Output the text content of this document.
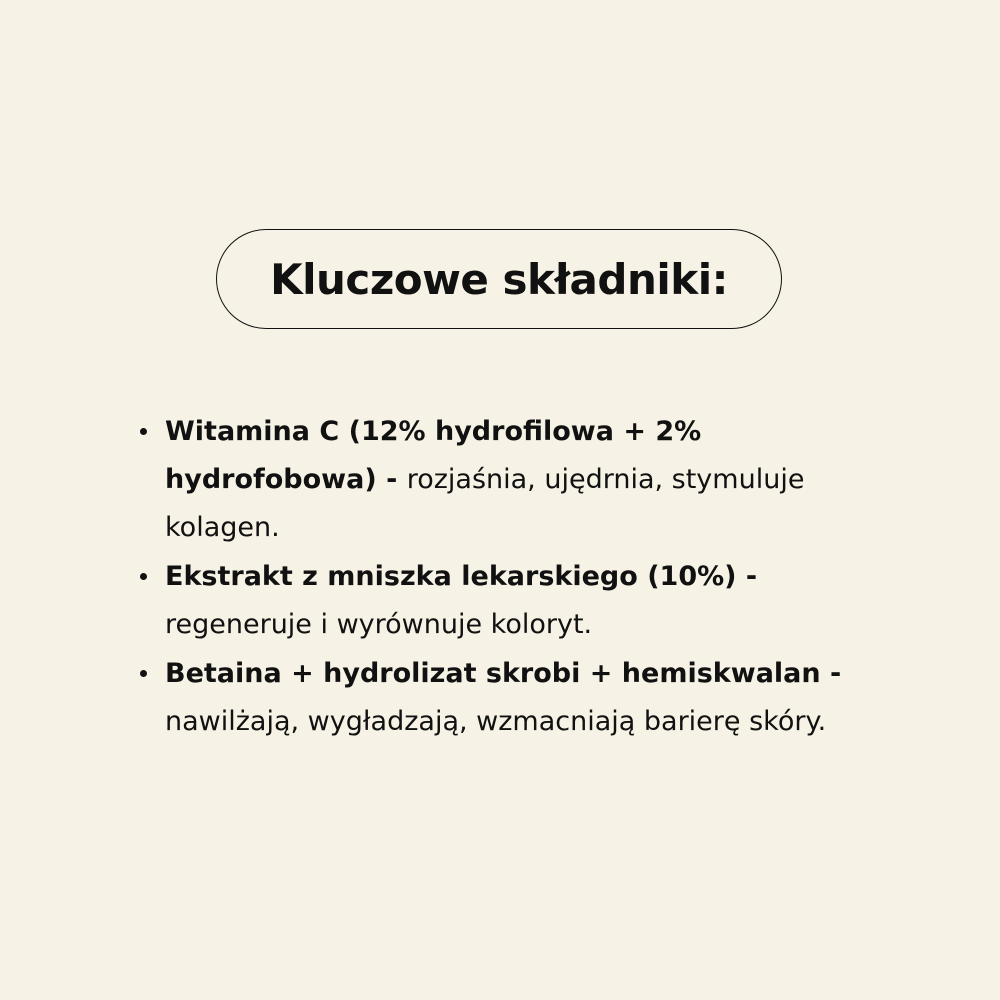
Kluczowe składniki:
Witamina C (12% hydrofilowa + 2% hydrofobowa) - rozjaśnia, ujędrnia, stymuluje kolagen.
Ekstrakt z mniszka lekarskiego (10%) - regeneruje i wyrównuje koloryt.
Betaina + hydrolizat skrobi + hemiskwalan - nawilżają, wygładzają, wzmacniają barierę skóry.
